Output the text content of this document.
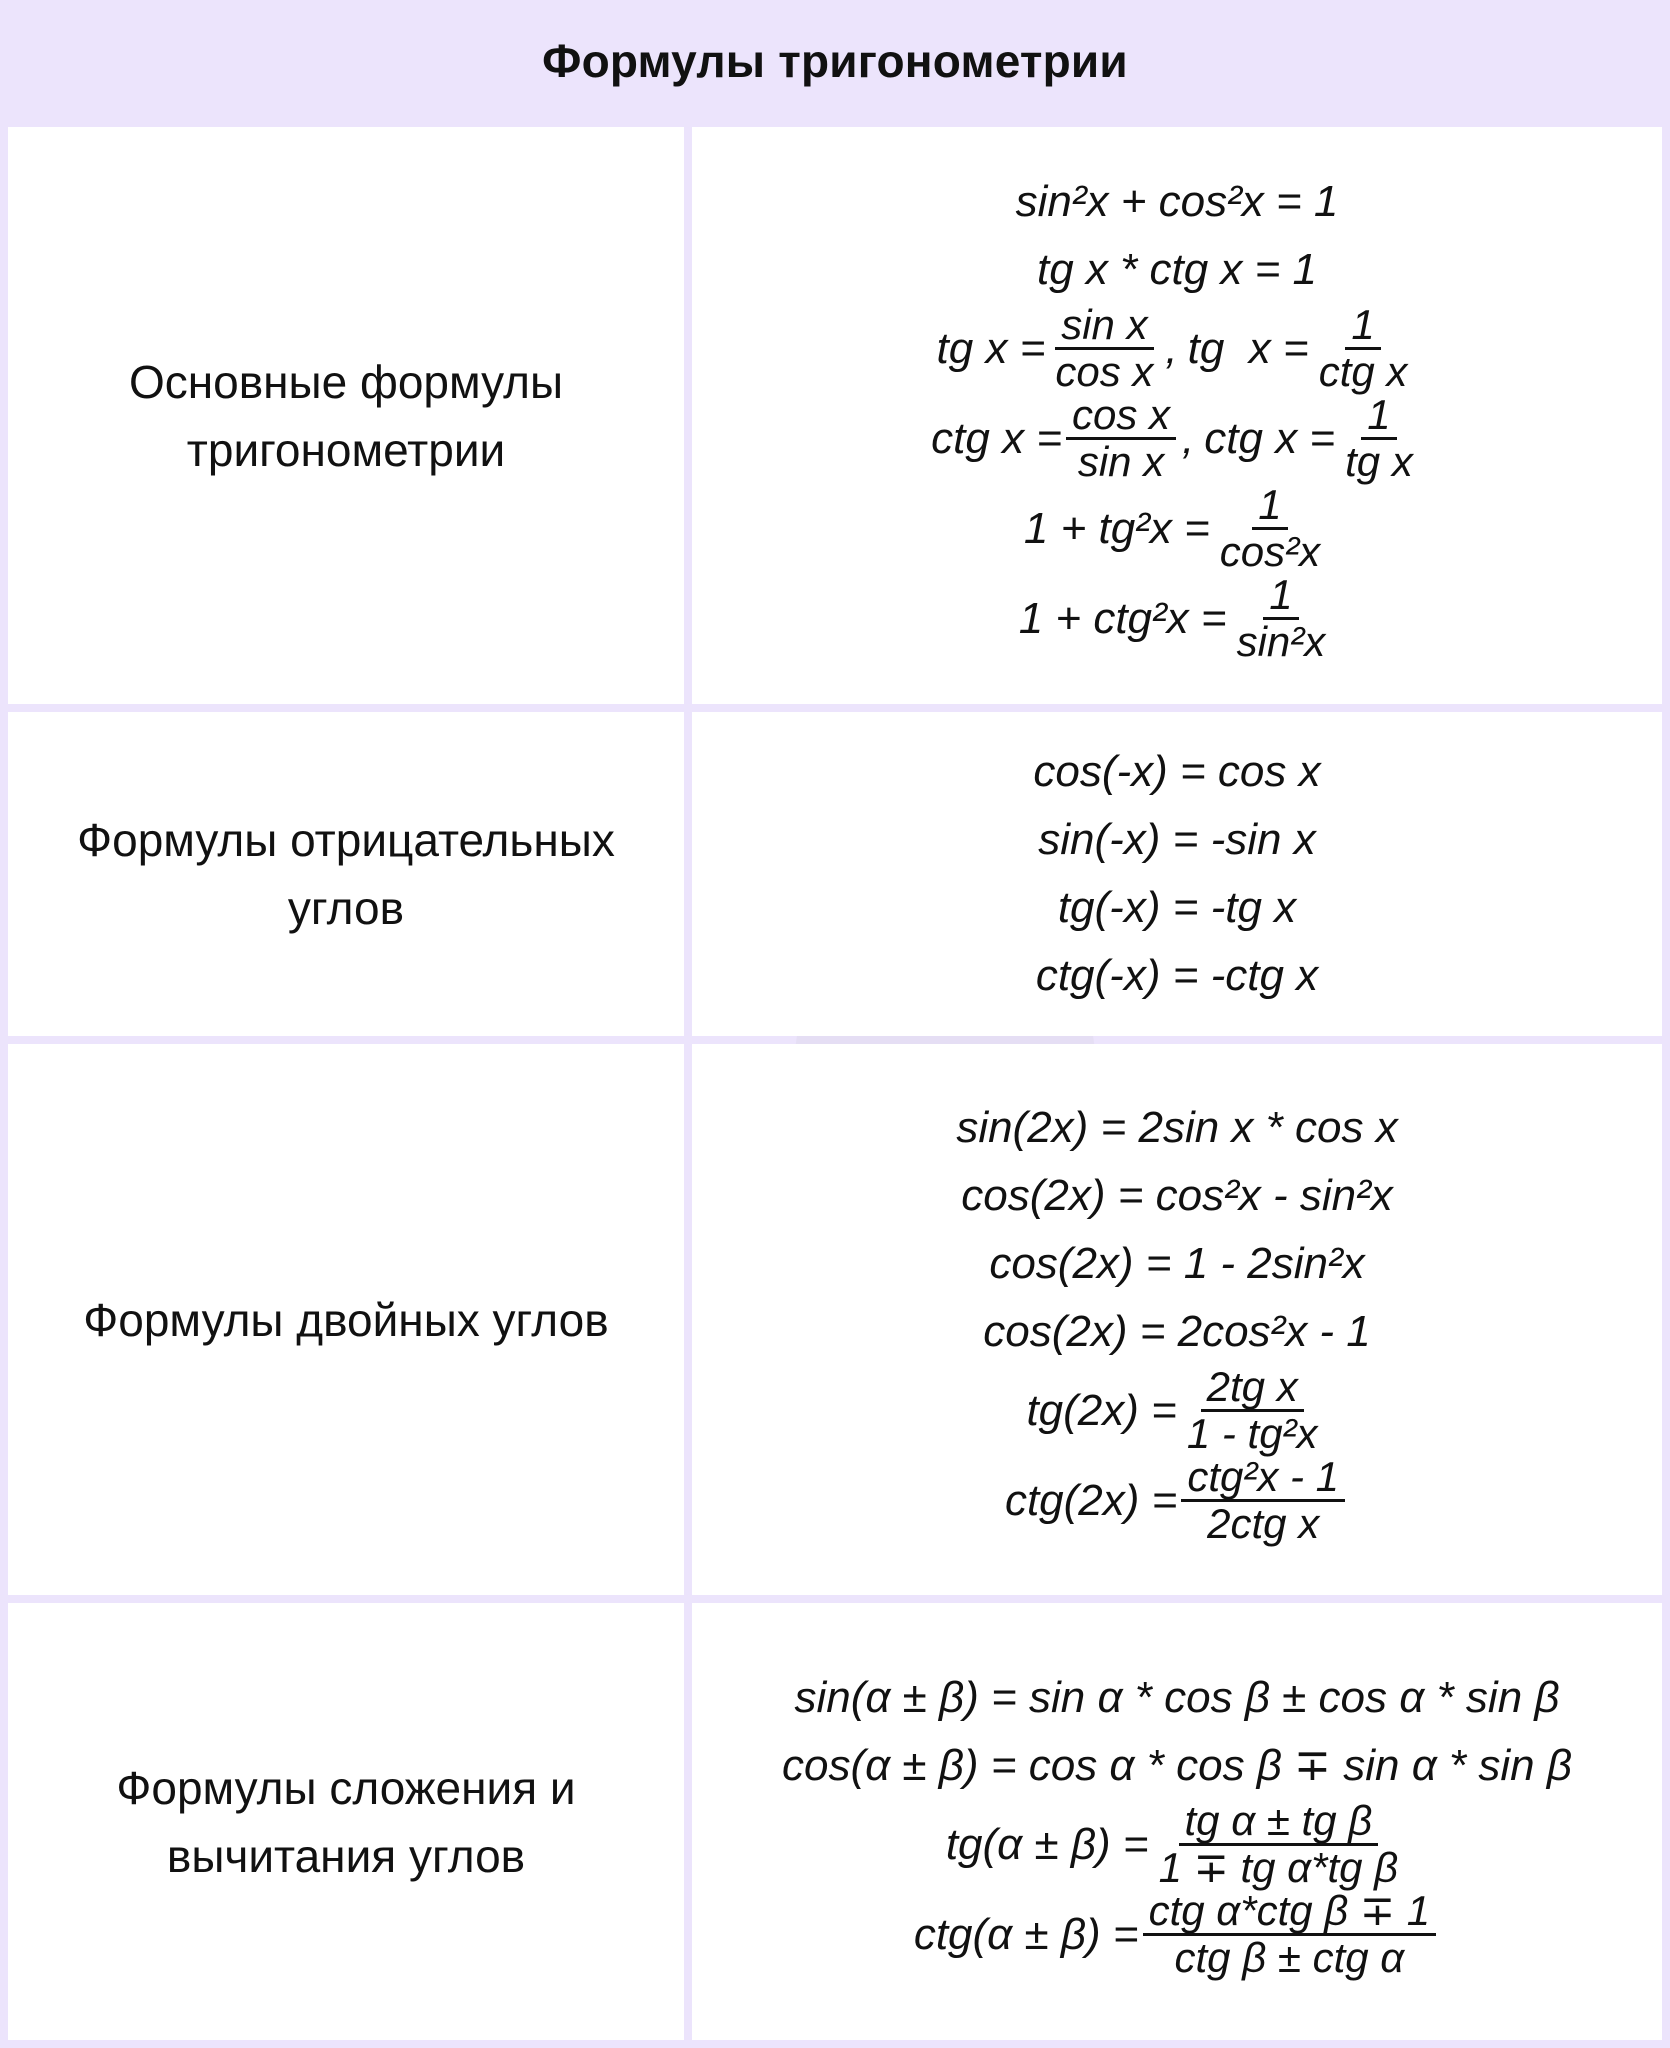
Формулы тригонометрии
Основные формулы
тригонометрии
sin²x + cos²x = 1
tg x * ctg x = 1
tg $x = \frac{\text{sin x}}{\text{cos x}}$ , tg  $x = \frac{1}{\text{ctg x}}$
ctg $x = \frac{\text{cos x}}{\text{sin x}}$ , ctg $x = \frac{1}{\text{tg x}}$
$1 + tg^2x = \frac{1}{\text{cos²x}}$
$1 + ctg^2x = \frac{1}{\text{sin²x}}$
Формулы отрицательных
углов
cos(-x) = cos x
sin(-x) = -sin x
tg(-x) = -tg x
ctg(-x) = -ctg x
Формулы двойных углов
sin(2x) = 2sin x * cos x
cos(2x) = cos²x - sin²x
cos(2x) = 1 - 2sin²x
cos(2x) = 2cos²x - 1
$tg(2x) = \frac{\text{2tg x}}{\text{1 - tg²x}}$
$ctg(2x) = \frac{\text{ctg²x - 1}}{\text{2ctg x}}$
Формулы сложения и
вычитания углов
sin(α ± β) = sin α * cos β ± cos α * sin β
cos(α ± β) = cos α * cos β ∓ sin α * sin β
$tg(\alpha \pm \beta) = \frac{\text{tg α ± tg β}}{\text{1 ∓ tg α*tg β}}$
$ctg(\alpha \pm \beta) = \frac{\text{ctg α*ctg β ∓ 1}}{\text{ctg β ± ctg α}}$
